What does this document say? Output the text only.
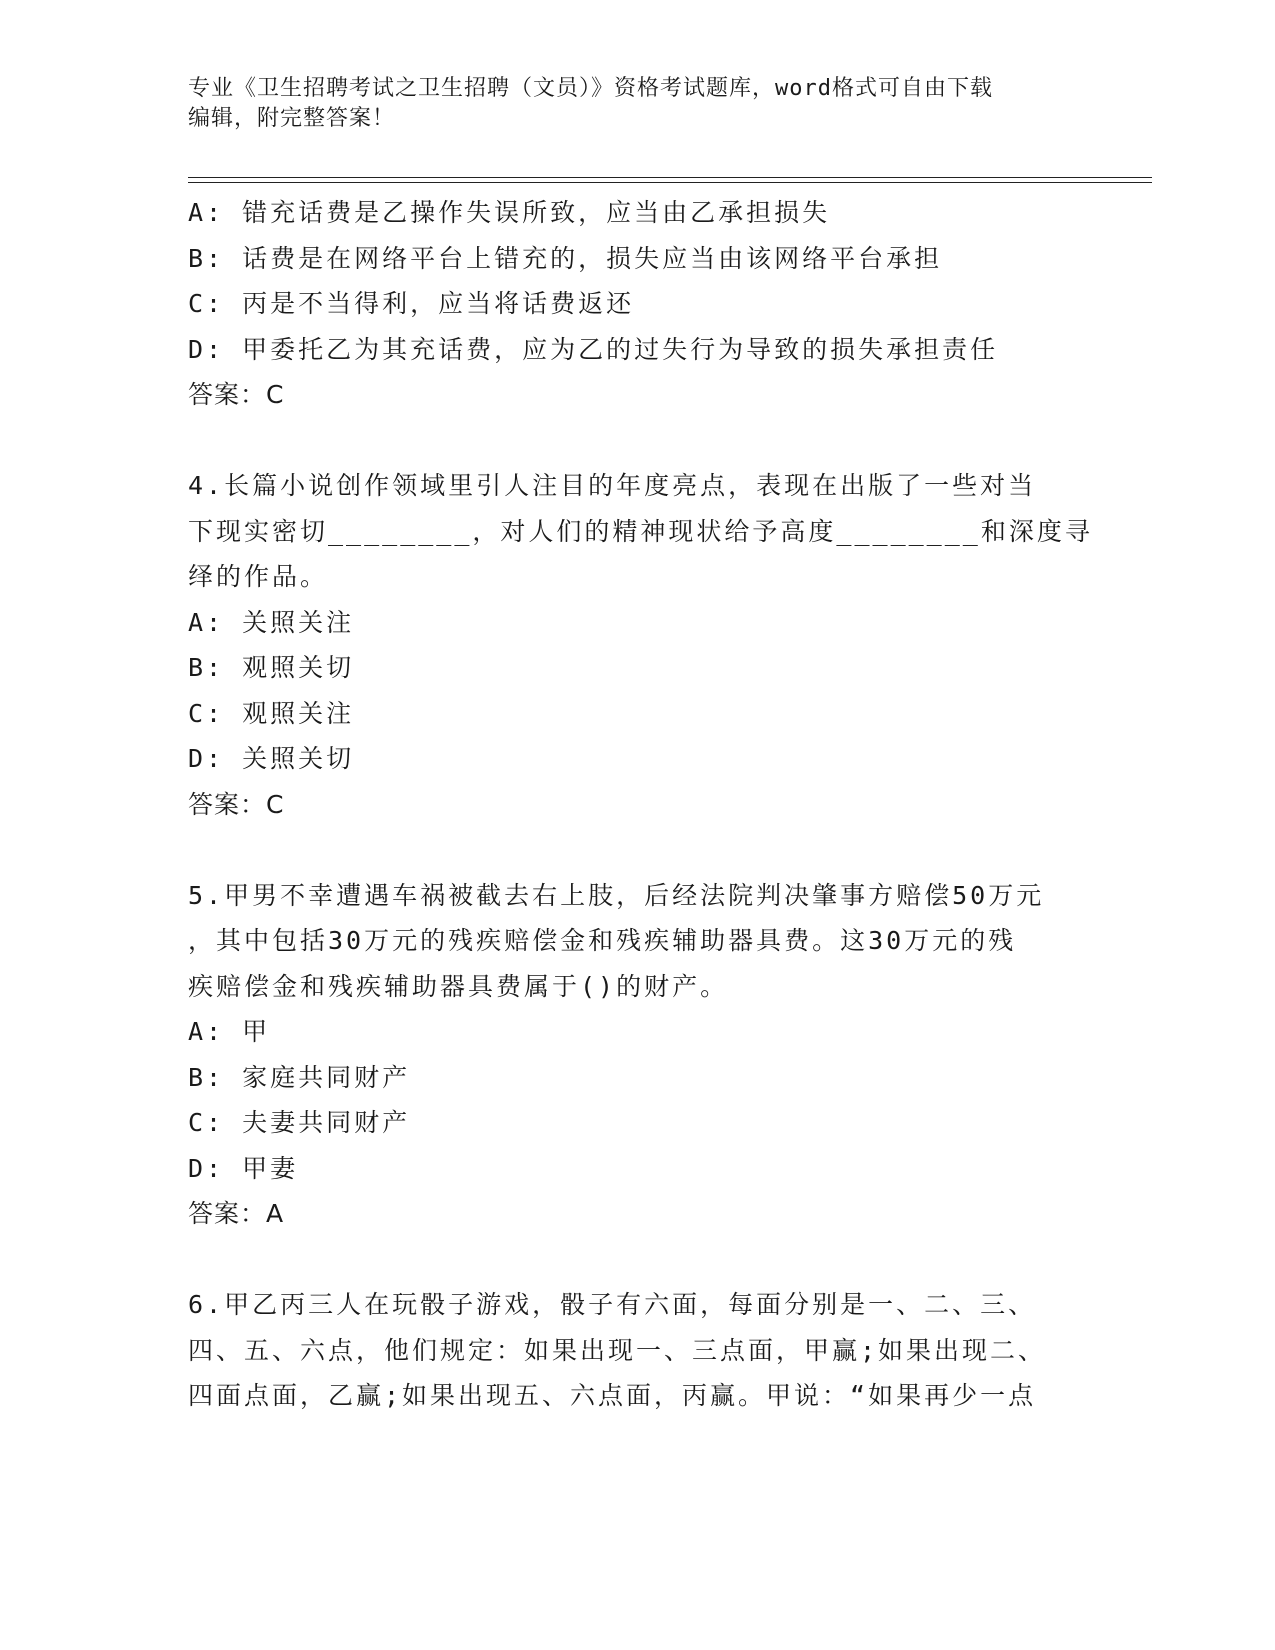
专业《卫生招聘考试之卫生招聘（文员）》资格考试题库，word格式可自由下载
编辑，附完整答案！
A: 错充话费是乙操作失误所致，应当由乙承担损失
B: 话费是在网络平台上错充的，损失应当由该网络平台承担
C: 丙是不当得利，应当将话费返还
D: 甲委托乙为其充话费，应为乙的过失行为导致的损失承担责任
答案：C
4.长篇小说创作领域里引人注目的年度亮点，表现在出版了一些对当
下现实密切________，对人们的精神现状给予高度________和深度寻
绎的作品。
A: 关照关注
B: 观照关切
C: 观照关注
D: 关照关切
答案：C
5.甲男不幸遭遇车祸被截去右上肢，后经法院判决肇事方赔偿50万元
，其中包括30万元的残疾赔偿金和残疾辅助器具费。这30万元的残
疾赔偿金和残疾辅助器具费属于()的财产。
A: 甲
B: 家庭共同财产
C: 夫妻共同财产
D: 甲妻
答案：A
6.甲乙丙三人在玩骰子游戏，骰子有六面，每面分别是一、二、三、
四、五、六点，他们规定：如果出现一、三点面，甲赢;如果出现二、
四面点面，乙赢;如果出现五、六点面，丙赢。甲说：“如果再少一点
